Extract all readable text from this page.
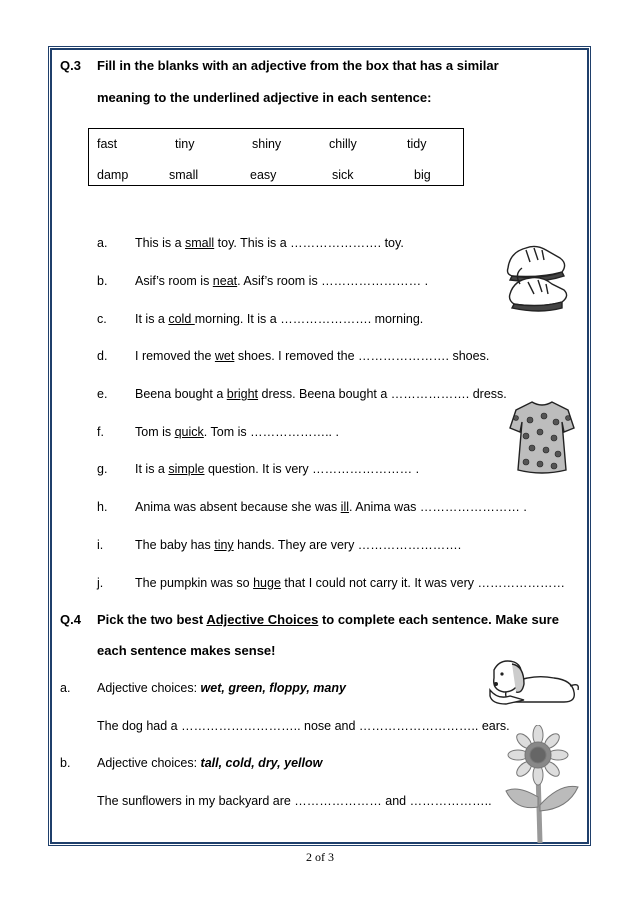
Q.3 Fill in the blanks with an adjective from the box that has a similar
meaning to the underlined adjective in each sentence:
fast	tiny	shiny	chilly	tidy
damp	small	easy	sick	big
a. This is a small toy. This is a …………………. toy.
b. Asif’s room is neat. Asif’s room is …………………… .
c. It is a cold morning. It is a …………………. morning.
d. I removed the wet shoes. I removed the …………………. shoes.
e. Beena bought a bright dress. Beena bought a ………………. dress.
f. Tom is quick. Tom is ……………….. .
g. It is a simple question. It is very …………………… .
h. Anima was absent because she was ill. Anima was …………………… .
i.	The baby has tiny hands. They are very …………………….
j.	The pumpkin was so huge that I could not carry it. It was very …………………
Q.4 Pick the two best Adjective Choices to complete each sentence. Make sure
each sentence makes sense!
a. Adjective choices: wet, green, floppy, many
The dog had a ……………………….. nose and ……………………….. ears.
b. Adjective choices: tall, cold, dry, yellow
The sunflowers in my backyard are ………………… and ………………..
2 of 3
